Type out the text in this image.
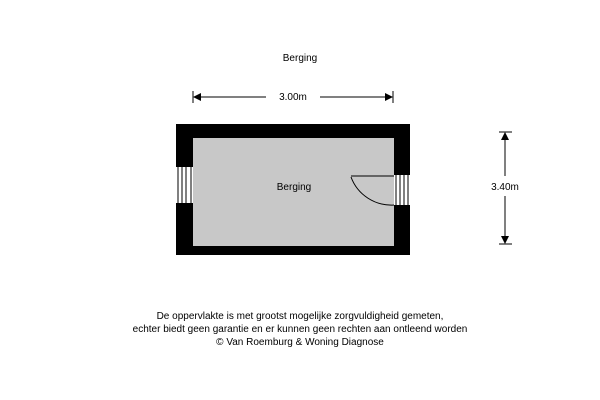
Berging
3.00m
3.40m
Berging
De oppervlakte is met grootst mogelijke zorgvuldigheid gemeten,
echter biedt geen garantie en er kunnen geen rechten aan ontleend worden
© Van Roemburg & Woning Diagnose
